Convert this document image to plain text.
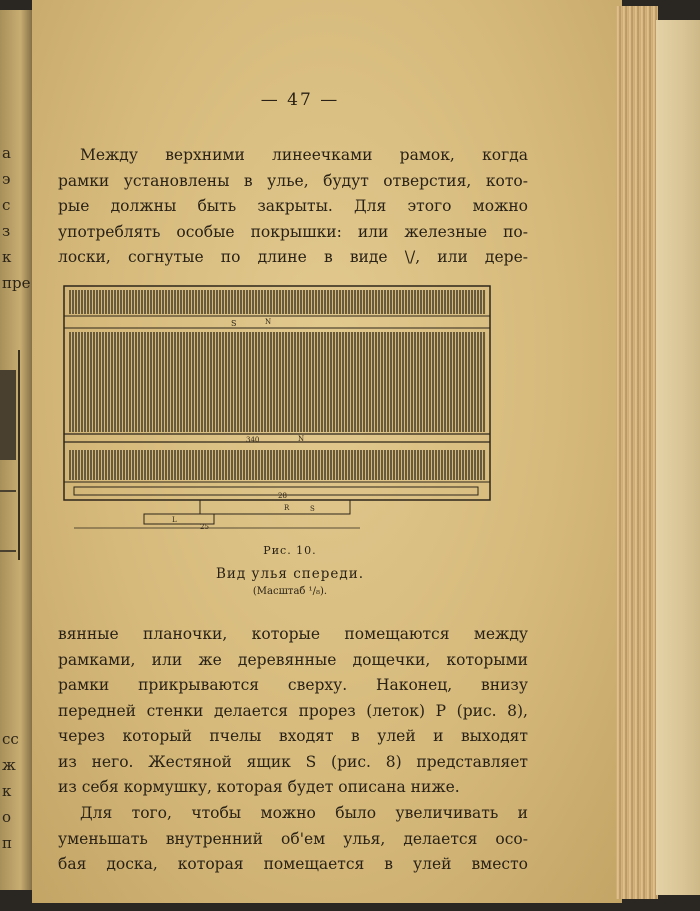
a
э
c
з
к
пре
сс
ж
к
о
п
— 47 —
Между верхними линеечками рамок, когда
рамки установлены в улье, будут отверстия, кото-
рые должны быть закрыты. Для этого можно
употреблять особые покрышки: или железные по-
лоски, согнутые по длине в виде \/, или дере-
S	N
340	N
28
R	S
L
25
Рис. 10.
Вид улья спереди.
(Масштаб ¹/₈).
вянные планочки, которые помещаются между
рамками, или же деревянные дощечки, которыми
рамки прикрываются сверху. Наконец, внизу
передней стенки делается прорез (леток) Р (рис. 8),
через который пчелы входят в улей и выходят
из него. Жестяной ящик S (рис. 8) представляет
из себя кормушку, которая будет описана ниже.
Для того, чтобы можно было увеличивать и
уменьшать внутренний об'ем улья, делается осо-
бая доска, которая помещается в улей вместо
